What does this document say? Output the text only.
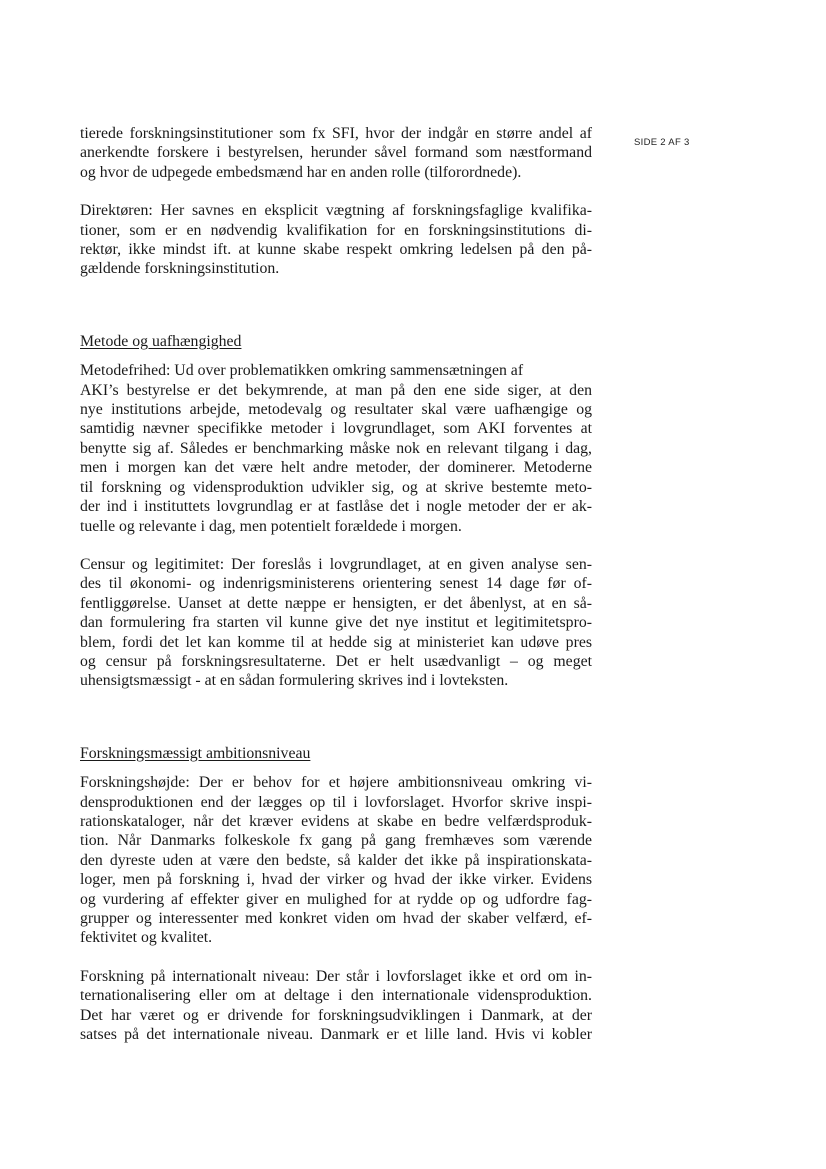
SIDE 2 AF 3
tierede forskningsinstitutioner som fx SFI, hvor der indgår en større andel af
anerkendte forskere i bestyrelsen, herunder såvel formand som næstformand
og hvor de udpegede embedsmænd har en anden rolle (tilforordnede).
Direktøren: Her savnes en eksplicit vægtning af forskningsfaglige kvalifika-
tioner, som er en nødvendig kvalifikation for en forskningsinstitutions di-
rektør, ikke mindst ift. at kunne skabe respekt omkring ledelsen på den på-
gældende forskningsinstitution.
Metode og uafhængighed
Metodefrihed: Ud over problematikken omkring sammensætningen af
AKI’s bestyrelse er det bekymrende, at man på den ene side siger, at den
nye institutions arbejde, metodevalg og resultater skal være uafhængige og
samtidig nævner specifikke metoder i lovgrundlaget, som AKI forventes at
benytte sig af. Således er benchmarking måske nok en relevant tilgang i dag,
men i morgen kan det være helt andre metoder, der dominerer. Metoderne
til forskning og vidensproduktion udvikler sig, og at skrive bestemte meto-
der ind i instituttets lovgrundlag er at fastlåse det i nogle metoder der er ak-
tuelle og relevante i dag, men potentielt forældede i morgen.
Censur og legitimitet: Der foreslås i lovgrundlaget, at en given analyse sen-
des til økonomi- og indenrigsministerens orientering senest 14 dage før of-
fentliggørelse. Uanset at dette næppe er hensigten, er det åbenlyst, at en så-
dan formulering fra starten vil kunne give det nye institut et legitimitetspro-
blem, fordi det let kan komme til at hedde sig at ministeriet kan udøve pres
og censur på forskningsresultaterne. Det er helt usædvanligt – og meget
uhensigtsmæssigt - at en sådan formulering skrives ind i lovteksten.
Forskningsmæssigt ambitionsniveau
Forskningshøjde: Der er behov for et højere ambitionsniveau omkring vi-
densproduktionen end der lægges op til i lovforslaget. Hvorfor skrive inspi-
rationskataloger, når det kræver evidens at skabe en bedre velfærdsproduk-
tion. Når Danmarks folkeskole fx gang på gang fremhæves som værende
den dyreste uden at være den bedste, så kalder det ikke på inspirationskata-
loger, men på forskning i, hvad der virker og hvad der ikke virker. Evidens
og vurdering af effekter giver en mulighed for at rydde op og udfordre fag-
grupper og interessenter med konkret viden om hvad der skaber velfærd, ef-
fektivitet og kvalitet.
Forskning på internationalt niveau: Der står i lovforslaget ikke et ord om in-
ternationalisering eller om at deltage i den internationale vidensproduktion.
Det har været og er drivende for forskningsudviklingen i Danmark, at der
satses på det internationale niveau. Danmark er et lille land. Hvis vi kobler
